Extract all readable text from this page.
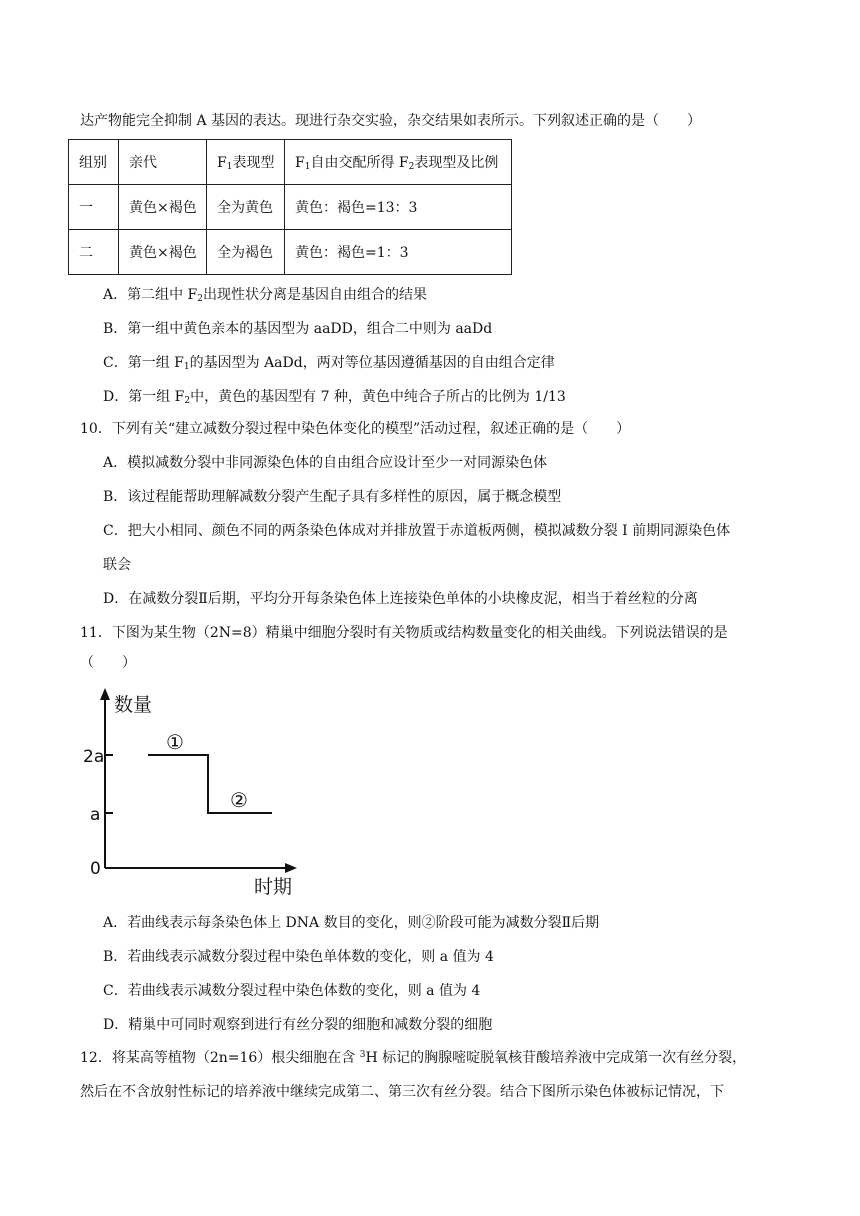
达产物能完全抑制 A 基因的表达。现进行杂交实验，杂交结果如表所示。下列叙述正确的是（　　）
组别	亲代	$F_1$表现型	$F_1$自由交配所得 $F_2$表现型及比例
一	黄色×褐色	全为黄色	黄色：褐色=13：3
二	黄色×褐色	全为褐色	黄色：褐色=1：3
A．第二组中 $F_2$出现性状分离是基因自由组合的结果
B．第一组中黄色亲本的基因型为 aaDD，组合二中则为 aaDd
C．第一组 $F_1$的基因型为 AaDd，两对等位基因遵循基因的自由组合定律
D．第一组 $F_2$中，黄色的基因型有 7 种，黄色中纯合子所占的比例为 1/13
10．下列有关“建立减数分裂过程中染色体变化的模型”活动过程，叙述正确的是（　　）
A．模拟减数分裂中非同源染色体的自由组合应设计至少一对同源染色体
B．该过程能帮助理解减数分裂产生配子具有多样性的原因，属于概念模型
C．把大小相同、颜色不同的两条染色体成对并排放置于赤道板两侧，模拟减数分裂 I 前期同源染色体
联会
D．在减数分裂Ⅱ后期，平均分开每条染色体上连接染色单体的小块橡皮泥，相当于着丝粒的分离
11．下图为某生物（2N=8）精巢中细胞分裂时有关物质或结构数量变化的相关曲线。下列说法错误的是
（　　）
数量
2a
a
0
①
②
时期
A．若曲线表示每条染色体上 DNA 数目的变化，则②阶段可能为减数分裂Ⅱ后期
B．若曲线表示减数分裂过程中染色单体数的变化，则 a 值为 4
C．若曲线表示减数分裂过程中染色体数的变化，则 a 值为 4
D．精巢中可同时观察到进行有丝分裂的细胞和减数分裂的细胞
12．将某高等植物（2n=16）根尖细胞在含 $^3$H 标记的胸腺嘧啶脱氧核苷酸培养液中完成第一次有丝分裂，
然后在不含放射性标记的培养液中继续完成第二、第三次有丝分裂。结合下图所示染色体被标记情况，下
